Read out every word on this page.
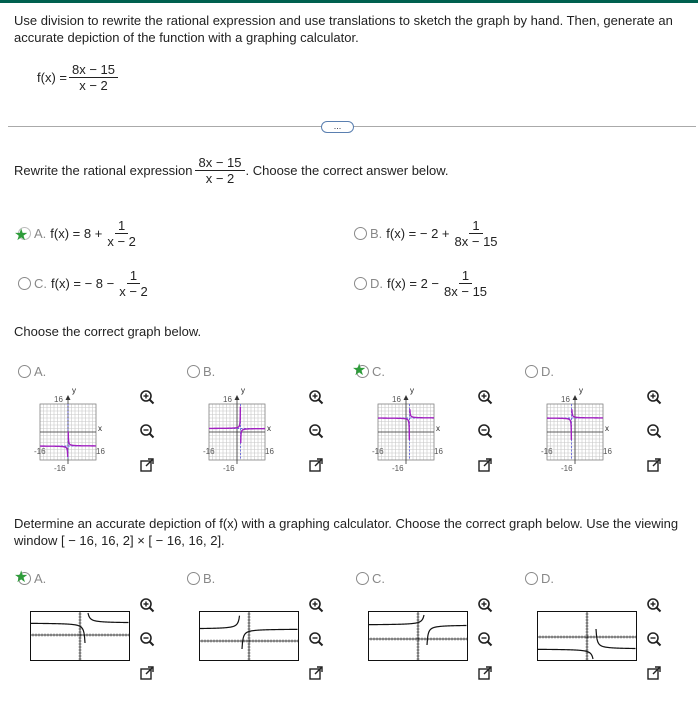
Use division to rewrite the rational expression and use translations to sketch the graph by hand. Then, generate an accurate depiction of the function with a graphing calculator.
$f(x) = \frac{8x - 15}{x - 2}$
...
Rewrite the rational expression $\frac{8x - 15}{x - 2}$ . Choose the correct answer below.
★ A. $f(x) = 8 + \frac{1}{x - 2}$	B. f(x) = − $2 + \frac{1}{8x - 15}$
C. f(x) = − $8 - \frac{1}{x - 2}$	D. $f(x) = 2 - \frac{1}{8x - 15}$
Choose the correct graph below.
A.
y
x
16
-16
16
-16
B.
y
x
16
-16
16
-16
★ C.
y
x
16
-16
16
-16
D.
y
x
16
-16
16
-16
Determine an accurate depiction of f(x) with a graphing calculator. Choose the correct graph below. Use the viewing window [ − 16, 16, 2] × [ − 16, 16, 2].
★ A.	B.	C.	D.
